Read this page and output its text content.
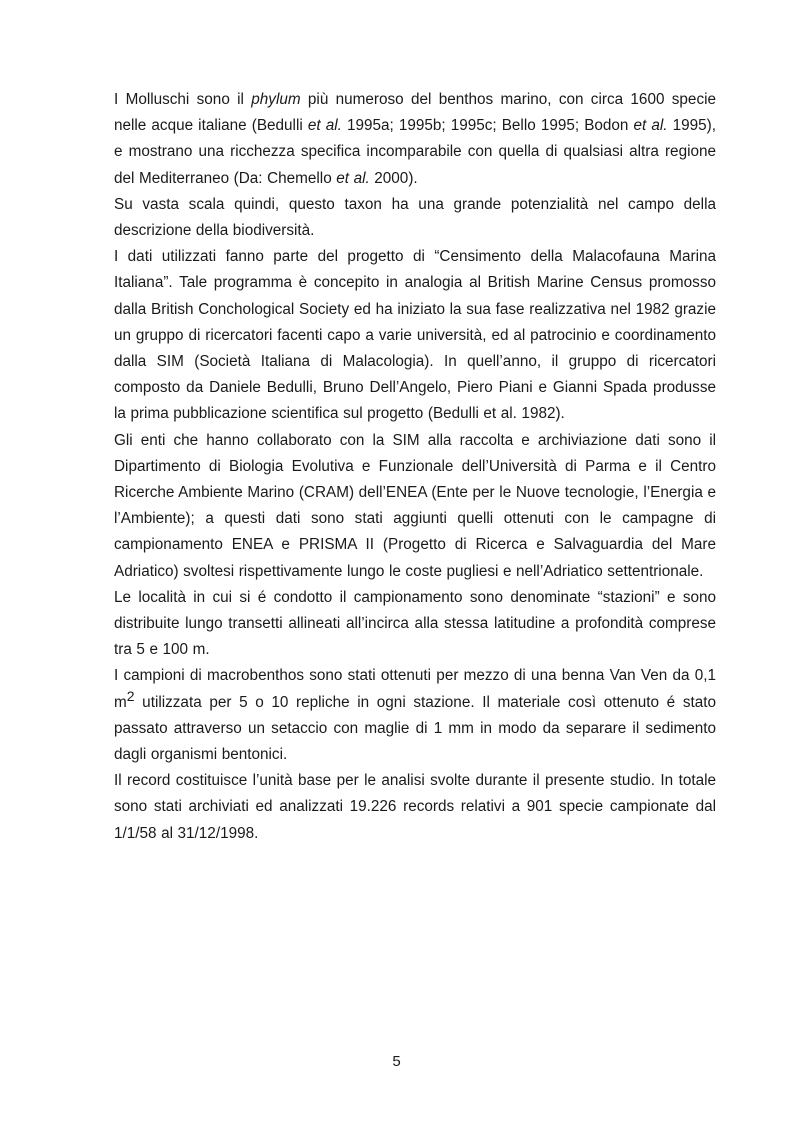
I Molluschi sono il phylum più numeroso del benthos marino, con circa 1600 specie nelle acque italiane (Bedulli et al. 1995a; 1995b; 1995c; Bello 1995; Bodon et al. 1995), e mostrano una ricchezza specifica incomparabile con quella di qualsiasi altra regione del Mediterraneo (Da: Chemello et al. 2000).

Su vasta scala quindi, questo taxon ha una grande potenzialità nel campo della descrizione della biodiversità.

I dati utilizzati fanno parte del progetto di “Censimento della Malacofauna Marina Italiana”. Tale programma è concepito in analogia al British Marine Census promosso dalla British Conchological Society ed ha iniziato la sua fase realizzativa nel 1982 grazie un gruppo di ricercatori facenti capo a varie università, ed al patrocinio e coordinamento dalla SIM (Società Italiana di Malacologia). In quell’anno, il gruppo di ricercatori composto da Daniele Bedulli, Bruno Dell’Angelo, Piero Piani e Gianni Spada produsse la prima pubblicazione scientifica sul progetto (Bedulli et al. 1982).

Gli enti che hanno collaborato con la SIM alla raccolta e archiviazione dati sono il Dipartimento di Biologia Evolutiva e Funzionale dell’Università di Parma e il Centro Ricerche Ambiente Marino (CRAM) dell’ENEA (Ente per le Nuove tecnologie, l’Energia e l’Ambiente); a questi dati sono stati aggiunti quelli ottenuti con le campagne di campionamento ENEA e PRISMA II (Progetto di Ricerca e Salvaguardia del Mare Adriatico) svoltesi rispettivamente lungo le coste pugliesi e nell’Adriatico settentrionale.

Le località in cui si é condotto il campionamento sono denominate “stazioni” e sono distribuite lungo transetti allineati all’incirca alla stessa latitudine a profondità comprese tra 5 e 100 m.

I campioni di macrobenthos sono stati ottenuti per mezzo di una benna Van Ven da 0,1 $m^2$ utilizzata per 5 o 10 repliche in ogni stazione. Il materiale così ottenuto é stato passato attraverso un setaccio con maglie di 1 mm in modo da separare il sedimento dagli organismi bentonici.

Il record costituisce l’unità base per le analisi svolte durante il presente studio. In totale sono stati archiviati ed analizzati 19.226 records relativi a 901 specie campionate dal 1/1/58 al 31/12/1998.

5
